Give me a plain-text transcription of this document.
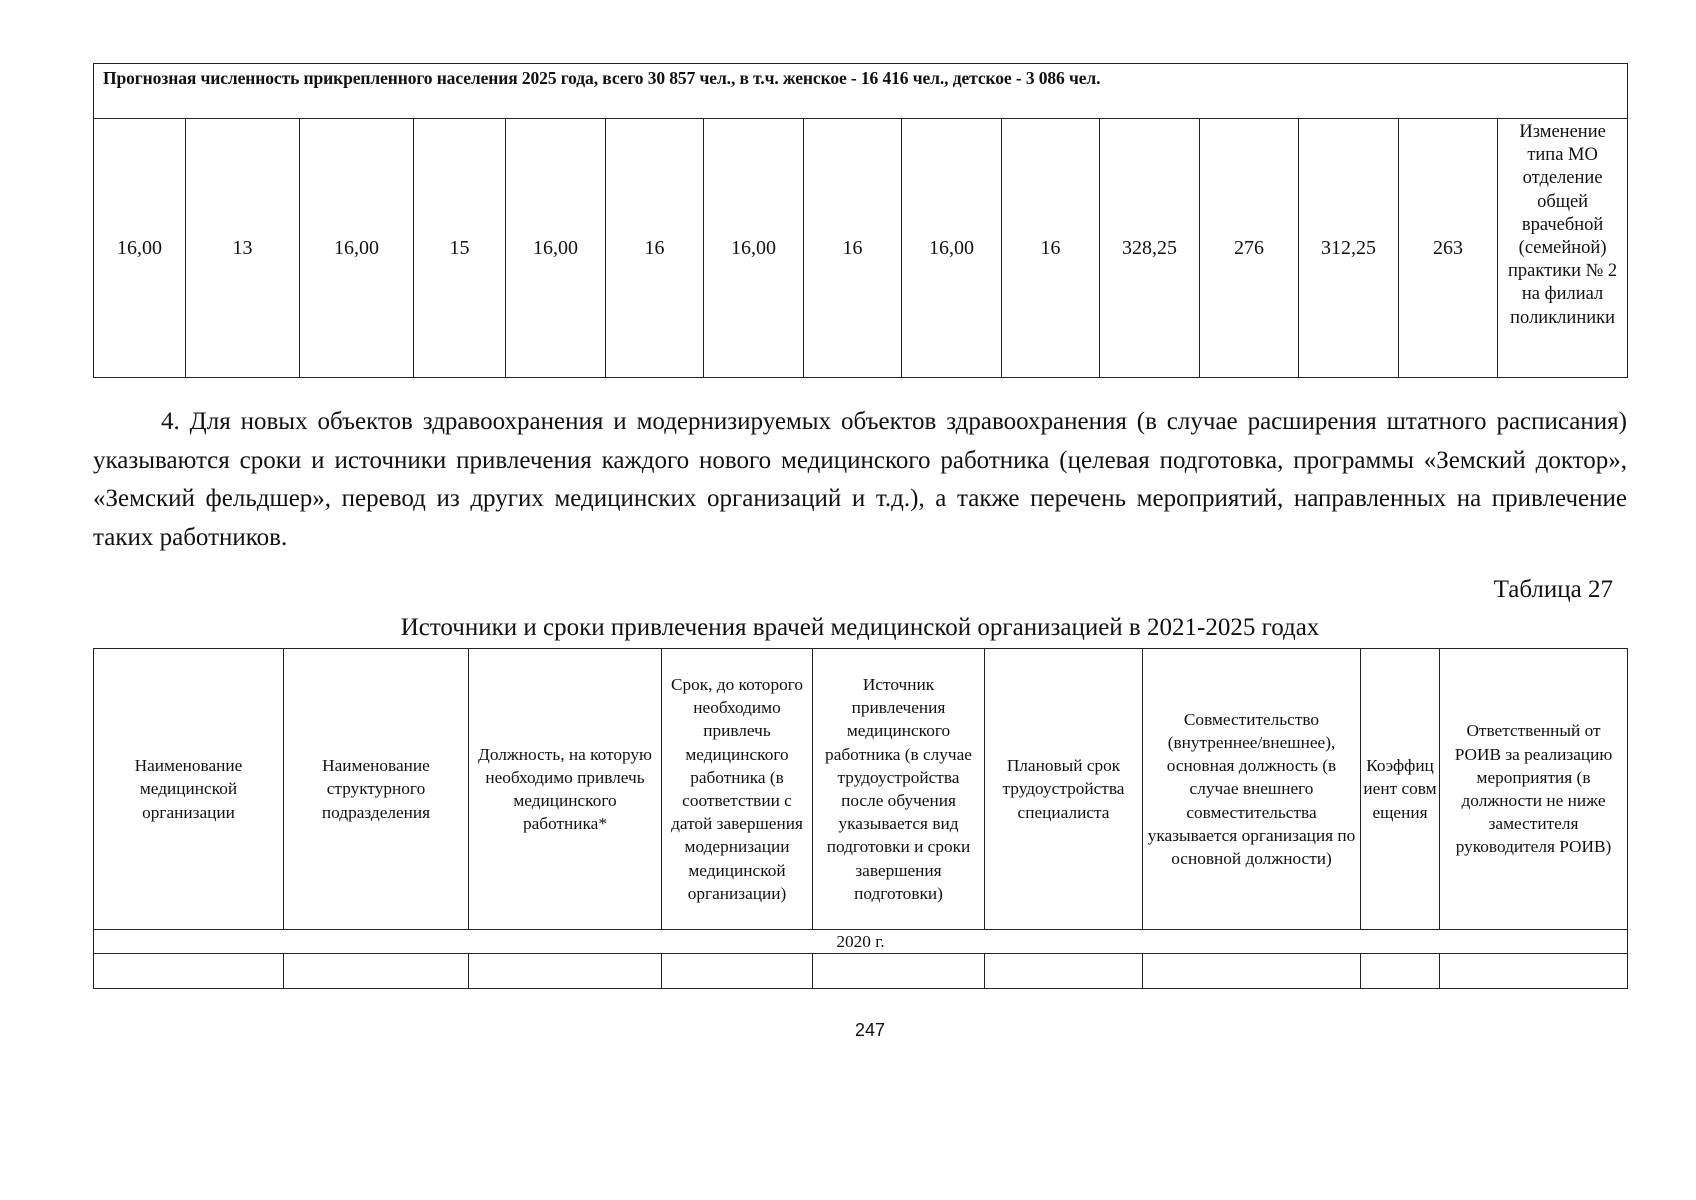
Прогнозная численность прикрепленного населения 2025 года, всего 30 857 чел., в т.ч. женское - 16 416 чел., детское - 3 086 чел.
16,00	13	16,00	15	16,00	16	16,00	16	16,00	16	328,25	276	312,25	263	Изменение типа МО отделение общей врачебной (семейной) практики № 2 на филиал поликлиники

4. Для новых объектов здравоохранения и модернизируемых объектов здравоохранения (в случае расширения штатного расписания) указываются сроки и источники привлечения каждого нового медицинского работника (целевая подготовка, программы «Земский доктор», «Земский фельдшер», перевод из других медицинских организаций и т.д.), а также перечень мероприятий, направленных на привлечение таких работников.

Таблица 27
Источники и сроки привлечения врачей медицинской организацией в 2021-2025 годах
Наименование медицинской организации	Наименование структурного подразделения	Должность, на которую необходимо привлечь медицинского работника*	Срок, до которого необходимо привлечь медицинского работника (в соответствии с датой завершения модернизации медицинской организации)	Источник привлечения медицинского работника (в случае трудоустройства после обучения указывается вид подготовки и сроки завершения подготовки)	Плановый срок трудоустройства специалиста	Совместительство (внутреннее/внешнее), основная должность (в случае внешнего совместительства указывается организация по основной должности)	Коэффициент совмещения	Ответственный от РОИВ за реализацию мероприятия (в должности не ниже заместителя руководителя РОИВ)
2020 г.								

247
